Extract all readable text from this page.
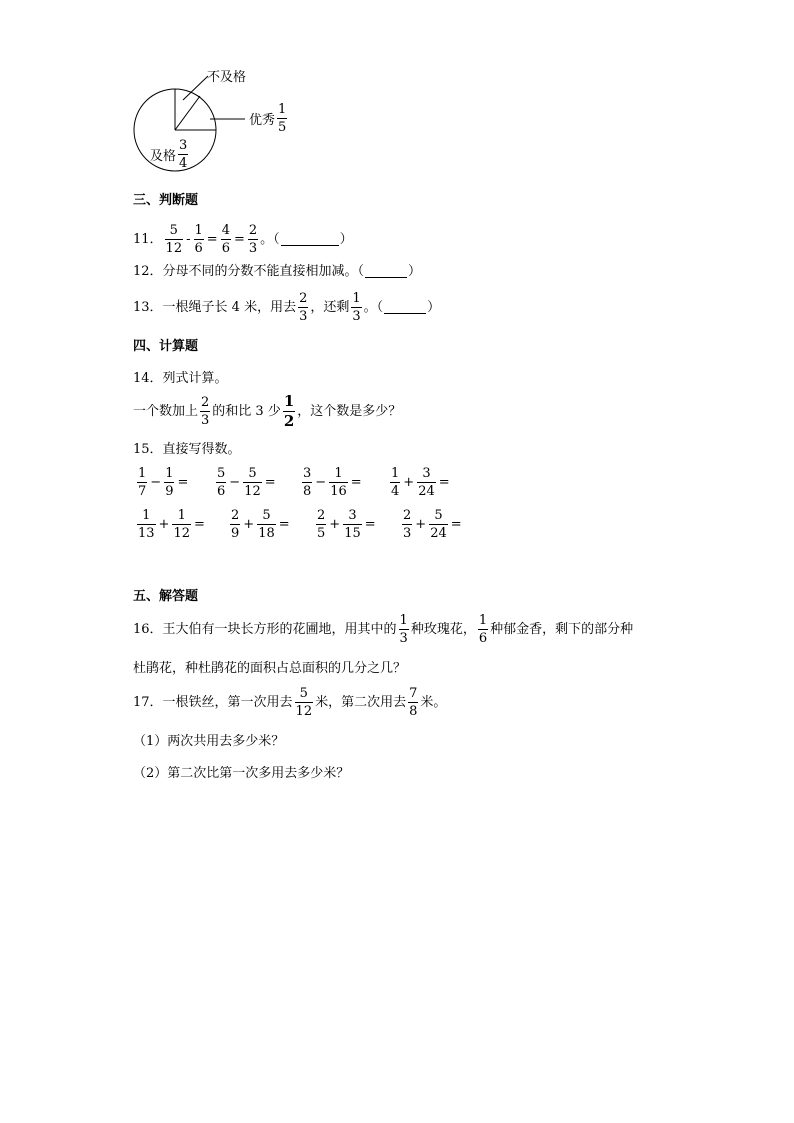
不及格
优秀 $\frac{1}{5}$
及格 $\frac{3}{4}$
三、判断题
11． $\frac{5}{12} - \frac{1}{6} = \frac{4}{6} = \frac{2}{3}$ 。（	）
12．分母不同的分数不能直接相加减。（	）
13．一根绳子长 4 米，用去 $\frac{2}{3}$ ，还剩 $\frac{1}{3}$ 。（	）
四、计算题
14．列式计算。
一个数加上 $\frac{2}{3}$ 的和比 3 少 $\frac{1}{2}$ ，这个数是多少？
15．直接写得数。
$\frac{1}{7} - \frac{1}{9} = \frac{5}{6} - \frac{5}{12} = \frac{3}{8} - \frac{1}{16} = \frac{1}{4} + \frac{3}{24}$ =
$\frac{1}{13} + \frac{1}{12} = \frac{2}{9} + \frac{5}{18} = \frac{2}{5} + \frac{3}{15} = \frac{2}{3} + \frac{5}{24}$ =
五、解答题
16．王大伯有一块长方形的花圃地，用其中的 $\frac{1}{3}$ 种玫瑰花， $\frac{1}{6}$ 种郁金香，剩下的部分种
杜鹃花，种杜鹃花的面积占总面积的几分之几？
17．一根铁丝，第一次用去 $\frac{5}{12}$ 米，第二次用去 $\frac{7}{8}$ 米。
（1）两次共用去多少米？
（2）第二次比第一次多用去多少米？
